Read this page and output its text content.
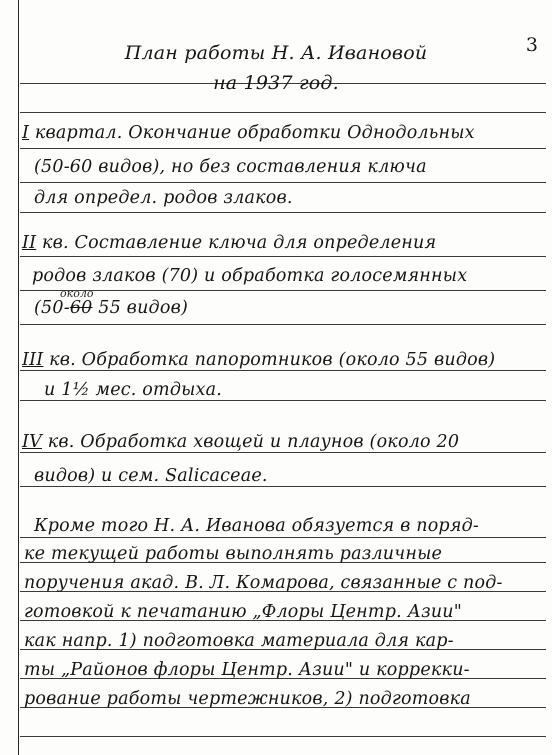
3
План работы Н. А. Ивановой
на 1937 год.
I квартал. Окончание обработки Однодольных
(50-60 видов), но без составления ключа
для определ. родов злаков.
II кв. Составление ключа для определения
родов злаков (70) и обработка голосемянных
около
(50-60 55 видов)
III кв. Обработка папоротников (около 55 видов)
и 1½ мес. отдыха.
IV кв. Обработка хвощей и плаунов (около 20
видов) и сем. Salicaceae.
Кроме того Н. А. Иванова обязуется в поряд-
ке текущей работы выполнять различные
поручения акад. В. Л. Комарова, связанные с под-
готовкой к печатанию „Флоры Центр. Азии"
как напр. 1) подготовка материала для кар-
ты „Районов флоры Центр. Азии" и коррекки-
рование работы чертежников, 2) подготовка
